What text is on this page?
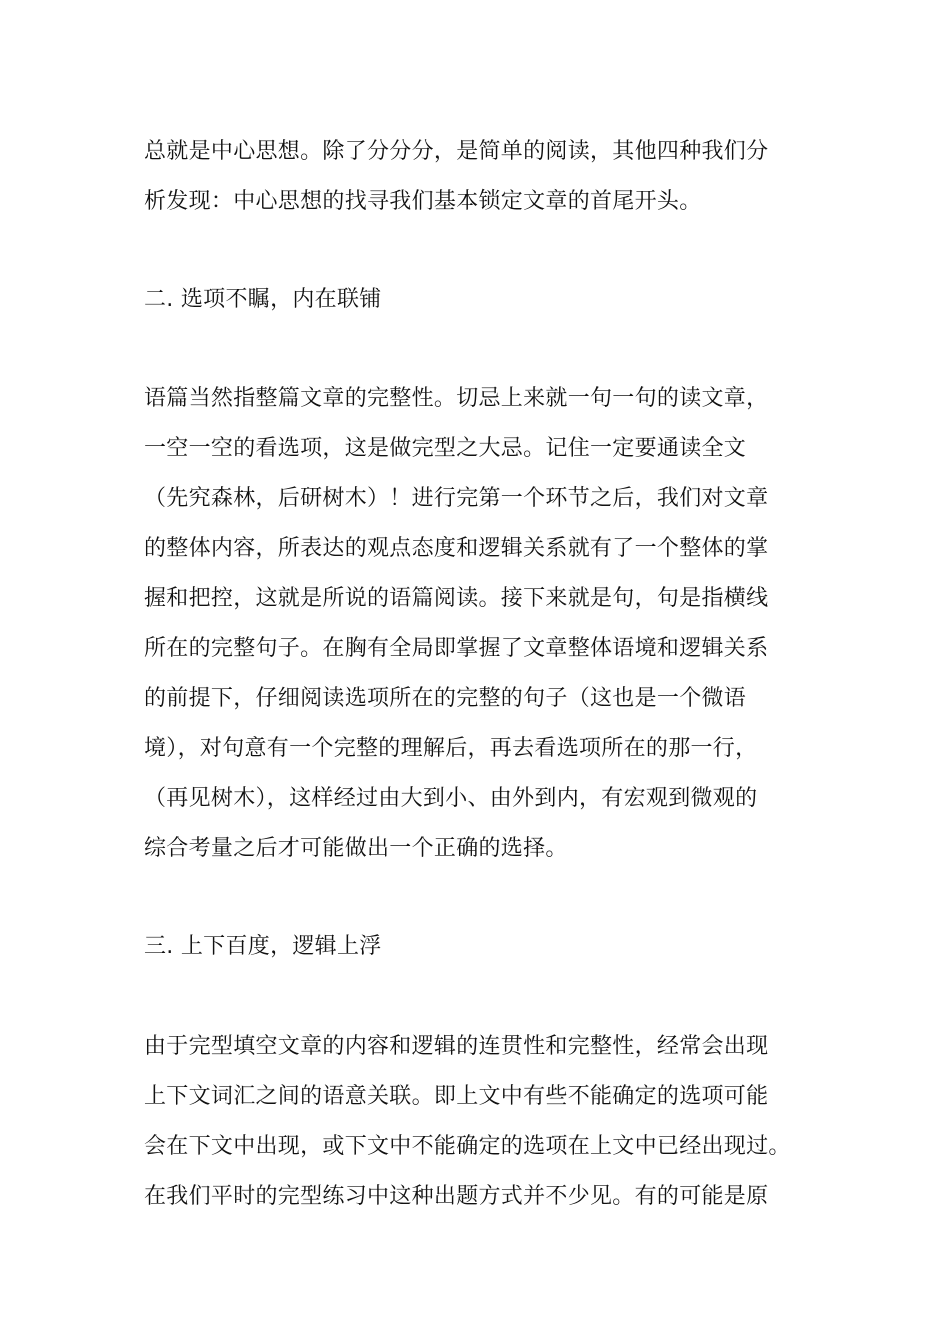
总就是中心思想。除了分分分，是简单的阅读，其他四种我们分
析发现：中心思想的找寻我们基本锁定文章的首尾开头。
二. 选项不瞩，内在联铺
语篇当然指整篇文章的完整性。切忌上来就一句一句的读文章，
一空一空的看选项，这是做完型之大忌。记住一定要通读全文
（先究森林，后研树木）！进行完第一个环节之后，我们对文章
的整体内容，所表达的观点态度和逻辑关系就有了一个整体的掌
握和把控，这就是所说的语篇阅读。接下来就是句，句是指横线
所在的完整句子。在胸有全局即掌握了文章整体语境和逻辑关系
的前提下，仔细阅读选项所在的完整的句子（这也是一个微语
境），对句意有一个完整的理解后，再去看选项所在的那一行，
（再见树木），这样经过由大到小、由外到内，有宏观到微观的
综合考量之后才可能做出一个正确的选择。
三. 上下百度，逻辑上浮
由于完型填空文章的内容和逻辑的连贯性和完整性，经常会出现
上下文词汇之间的语意关联。即上文中有些不能确定的选项可能
会在下文中出现，或下文中不能确定的选项在上文中已经出现过。
在我们平时的完型练习中这种出题方式并不少见。有的可能是原
